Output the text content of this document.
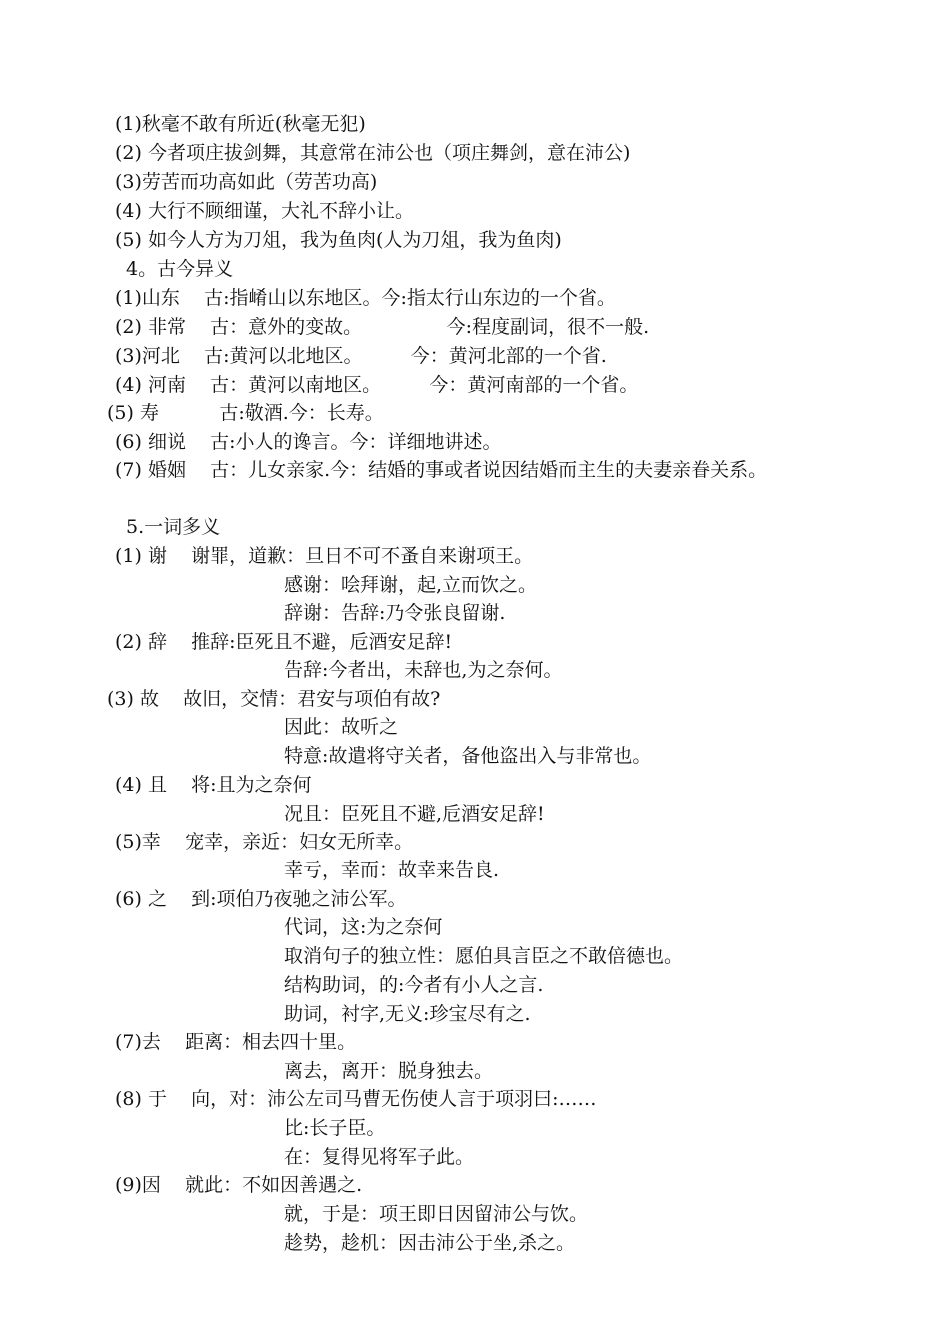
(1)秋毫不敢有所近(秋毫无犯)
(2) 今者项庄拔剑舞，其意常在沛公也（项庄舞剑，意在沛公)
(3)劳苦而功高如此（劳苦功高)
(4) 大行不顾细谨，大礼不辞小让。
(5) 如今人方为刀俎，我为鱼肉(人为刀俎，我为鱼肉)
4。古今异义
(1)山东    古:指崤山以东地区。今:指太行山东边的一个省。
(2) 非常    古：意外的变故。              今:程度副词，很不一般.
(3)河北    古:黄河以北地区。        今：黄河北部的一个省.
(4) 河南    古：黄河以南地区。        今：黄河南部的一个省。
(5) 寿          古:敬酒.今：长寿。
(6) 细说    古:小人的谗言。今：详细地讲述。
(7) 婚姻    古：儿女亲家.今：结婚的事或者说因结婚而主生的夫妻亲眷关系。
5.一词多义
(1) 谢    谢罪，道歉：旦日不可不蚤自来谢项王。
感谢：哙拜谢，起,立而饮之。
辞谢：告辞:乃令张良留谢.
(2) 辞    推辞:臣死且不避，卮酒安足辞!
告辞:今者出，未辞也,为之奈何。
(3) 故    故旧，交情：君安与项伯有故?
因此：故听之
特意:故遣将守关者，备他盗出入与非常也。
(4) 且    将:且为之奈何
况且：臣死且不避,卮酒安足辞!
(5)幸    宠幸，亲近：妇女无所幸。
幸亏，幸而：故幸来告良.
(6) 之    到:项伯乃夜驰之沛公军。
代词，这:为之奈何
取消句子的独立性：愿伯具言臣之不敢倍德也。
结构助词，的:今者有小人之言.
助词，衬字,无义:珍宝尽有之.
(7)去    距离：相去四十里。
离去，离开：脱身独去。
(8) 于    向，对：沛公左司马曹无伤使人言于项羽曰:……
比:长子臣。
在：复得见将军子此。
(9)因    就此：不如因善遇之.
就，于是：项王即日因留沛公与饮。
趁势，趁机：因击沛公于坐,杀之。
